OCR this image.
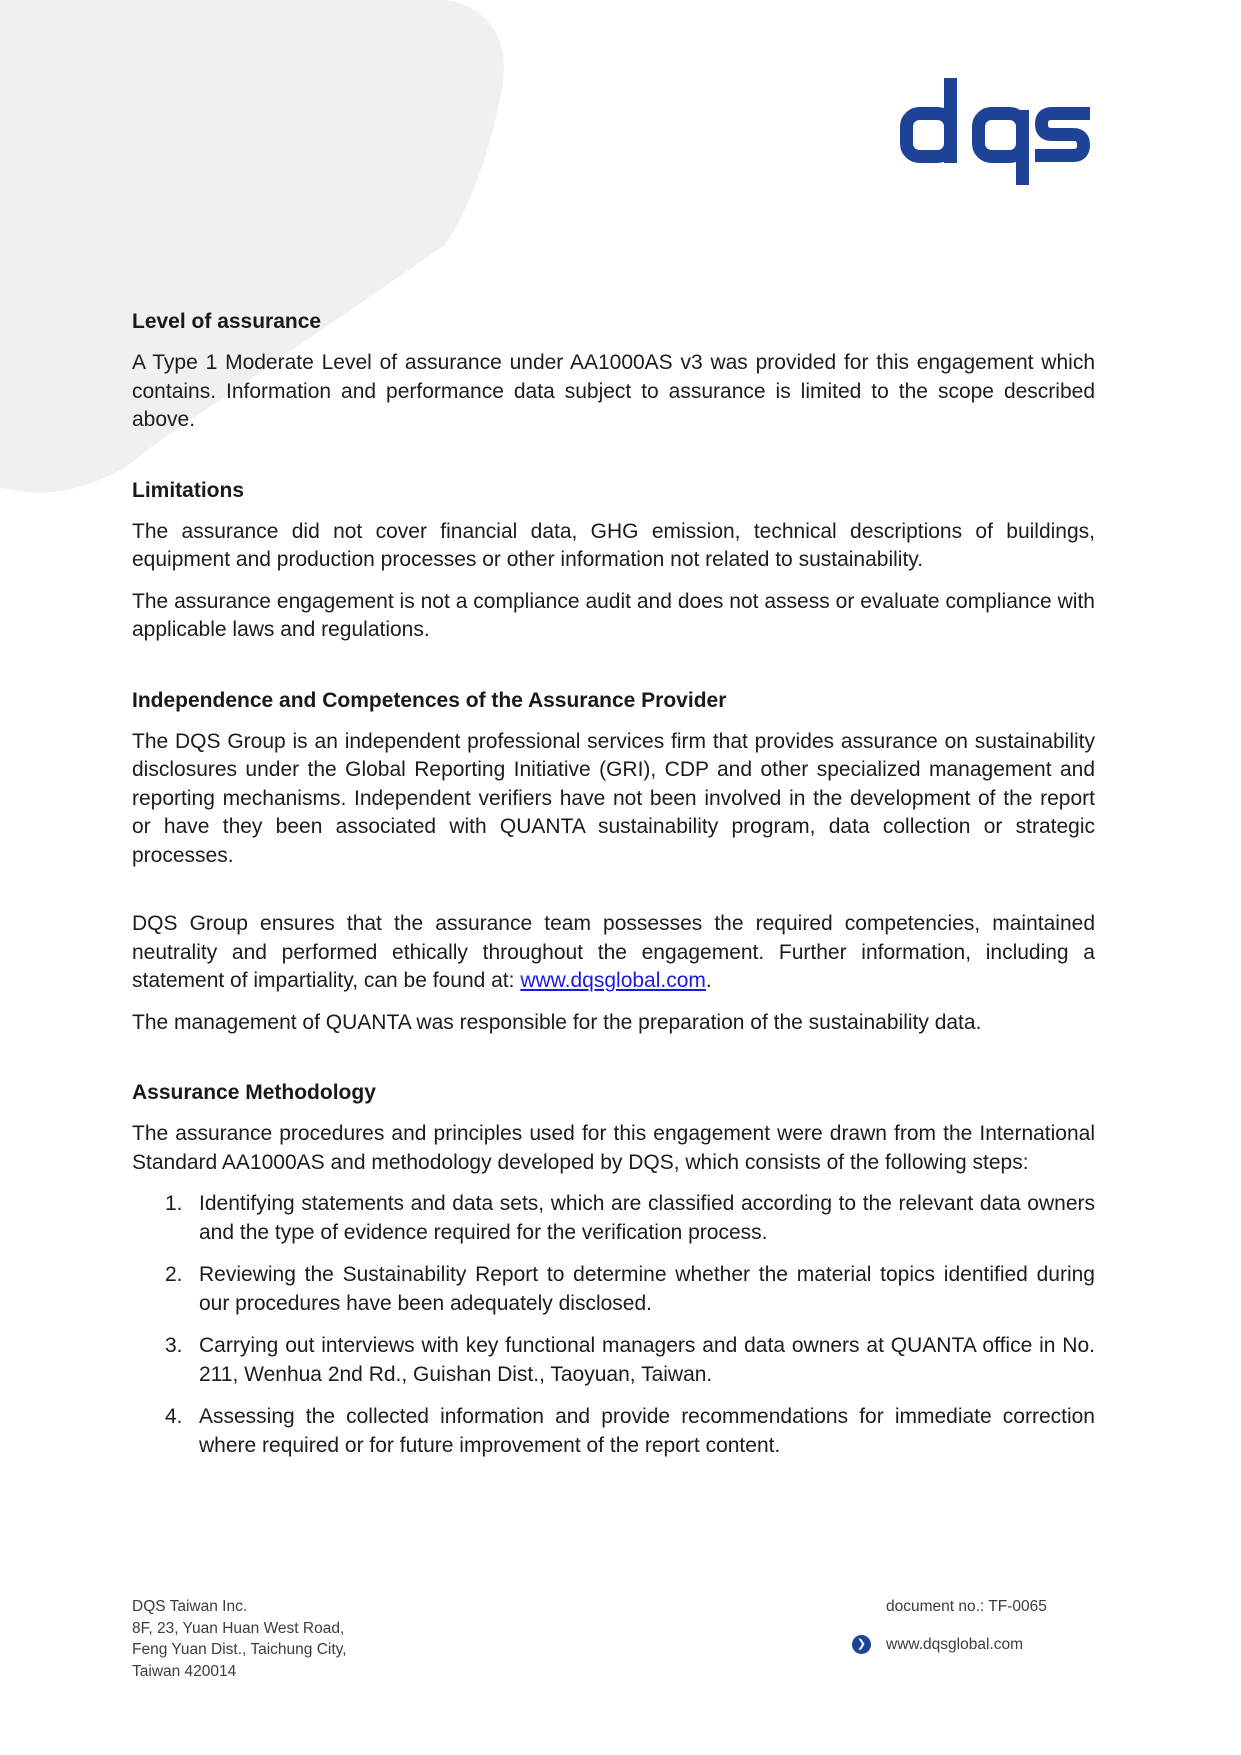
Level of assurance

A Type 1 Moderate Level of assurance under AA1000AS v3 was provided for this engagement which contains. Information and performance data subject to assurance is limited to the scope described above.

Limitations

The assurance did not cover financial data, GHG emission, technical descriptions of buildings, equipment and production processes or other information not related to sustainability.

The assurance engagement is not a compliance audit and does not assess or evaluate compliance with applicable laws and regulations.

Independence and Competences of the Assurance Provider

The DQS Group is an independent professional services firm that provides assurance on sustainability disclosures under the Global Reporting Initiative (GRI), CDP and other specialized management and reporting mechanisms. Independent verifiers have not been involved in the development of the report or have they been associated with QUANTA sustainability program, data collection or strategic processes.

DQS Group ensures that the assurance team possesses the required competencies, maintained neutrality and performed ethically throughout the engagement. Further information, including a statement of impartiality, can be found at: www.dqsglobal.com.

The management of QUANTA was responsible for the preparation of the sustainability data.

Assurance Methodology

The assurance procedures and principles used for this engagement were drawn from the International Standard AA1000AS and methodology developed by DQS, which consists of the following steps:

1. Identifying statements and data sets, which are classified according to the relevant data owners and the type of evidence required for the verification process.
2. Reviewing the Sustainability Report to determine whether the material topics identified during our procedures have been adequately disclosed.
3. Carrying out interviews with key functional managers and data owners at QUANTA office in No. 211, Wenhua 2nd Rd., Guishan Dist., Taoyuan, Taiwan.
4. Assessing the collected information and provide recommendations for immediate correction where required or for future improvement of the report content.
DQS Taiwan Inc.
8F, 23, Yuan Huan West Road,
Feng Yuan Dist., Taichung City,
Taiwan 420014
document no.: TF-0065
❯	www.dqsglobal.com
